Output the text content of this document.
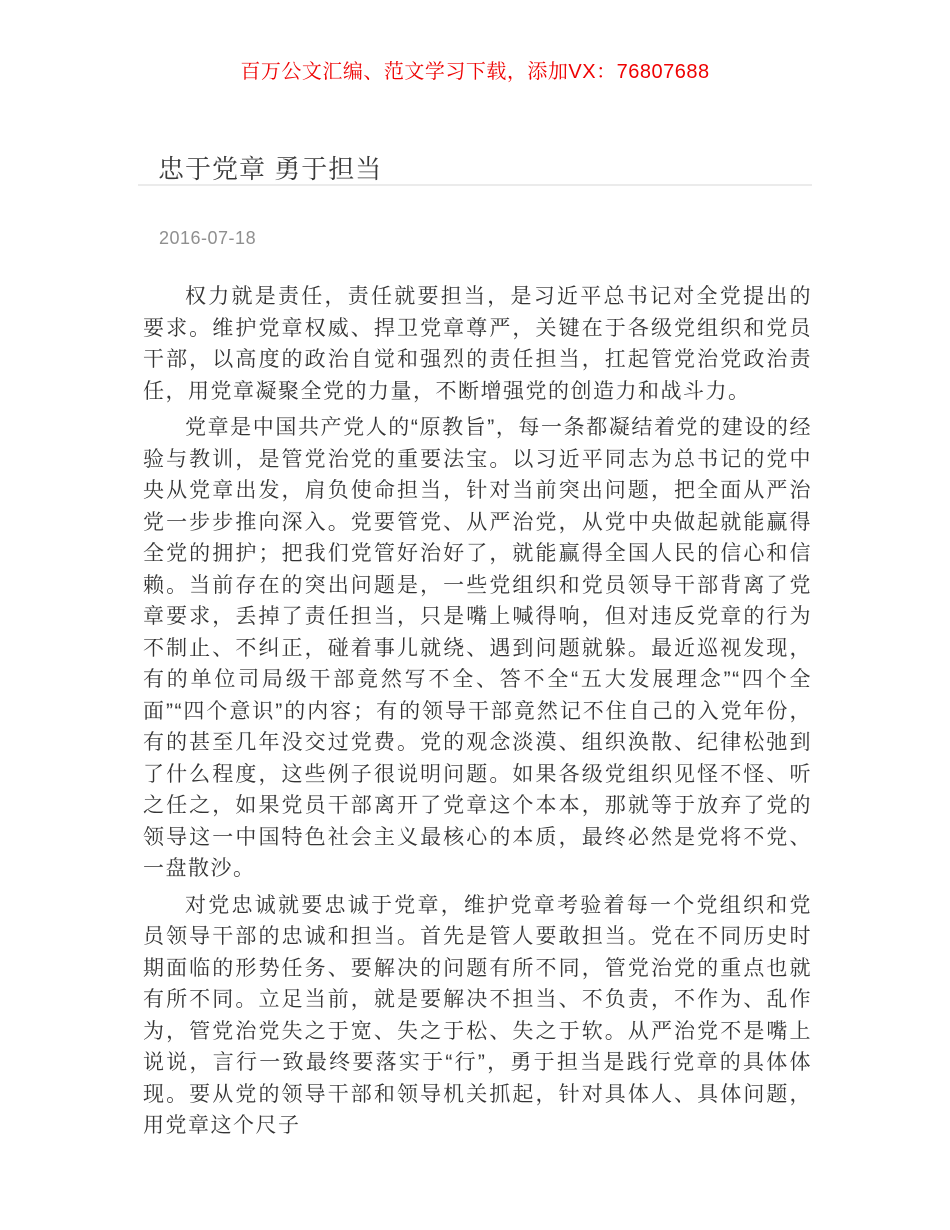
百万公文汇编、范文学习下载，添加VX：76807688
忠于党章 勇于担当
2016-07-18

权力就是责任，责任就要担当，是习近平总书记对全党提出的要求。维护党章权威、捍卫党章尊严，关键在于各级党组织和党员干部，以高度的政治自觉和强烈的责任担当，扛起管党治党政治责任，用党章凝聚全党的力量，不断增强党的创造力和战斗力。

党章是中国共产党人的“原教旨”，每一条都凝结着党的建设的经验与教训，是管党治党的重要法宝。以习近平同志为总书记的党中央从党章出发，肩负使命担当，针对当前突出问题，把全面从严治党一步步推向深入。党要管党、从严治党，从党中央做起就能赢得全党的拥护；把我们党管好治好了，就能赢得全国人民的信心和信赖。当前存在的突出问题是，一些党组织和党员领导干部背离了党章要求，丢掉了责任担当，只是嘴上喊得响，但对违反党章的行为不制止、不纠正，碰着事儿就绕、遇到问题就躲。最近巡视发现，有的单位司局级干部竟然写不全、答不全“五大发展理念”“四个全面”“四个意识”的内容；有的领导干部竟然记不住自己的入党年份，有的甚至几年没交过党费。党的观念淡漠、组织涣散、纪律松弛到了什么程度，这些例子很说明问题。如果各级党组织见怪不怪、听之任之，如果党员干部离开了党章这个本本，那就等于放弃了党的领导这一中国特色社会主义最核心的本质，最终必然是党将不党、一盘散沙。

对党忠诚就要忠诚于党章，维护党章考验着每一个党组织和党员领导干部的忠诚和担当。首先是管人要敢担当。党在不同历史时期面临的形势任务、要解决的问题有所不同，管党治党的重点也就有所不同。立足当前，就是要解决不担当、不负责，不作为、乱作为，管党治党失之于宽、失之于松、失之于软。从严治党不是嘴上说说，言行一致最终要落实于“行”，勇于担当是践行党章的具体体现。要从党的领导干部和领导机关抓起，针对具体人、具体问题，用党章这个尺子
